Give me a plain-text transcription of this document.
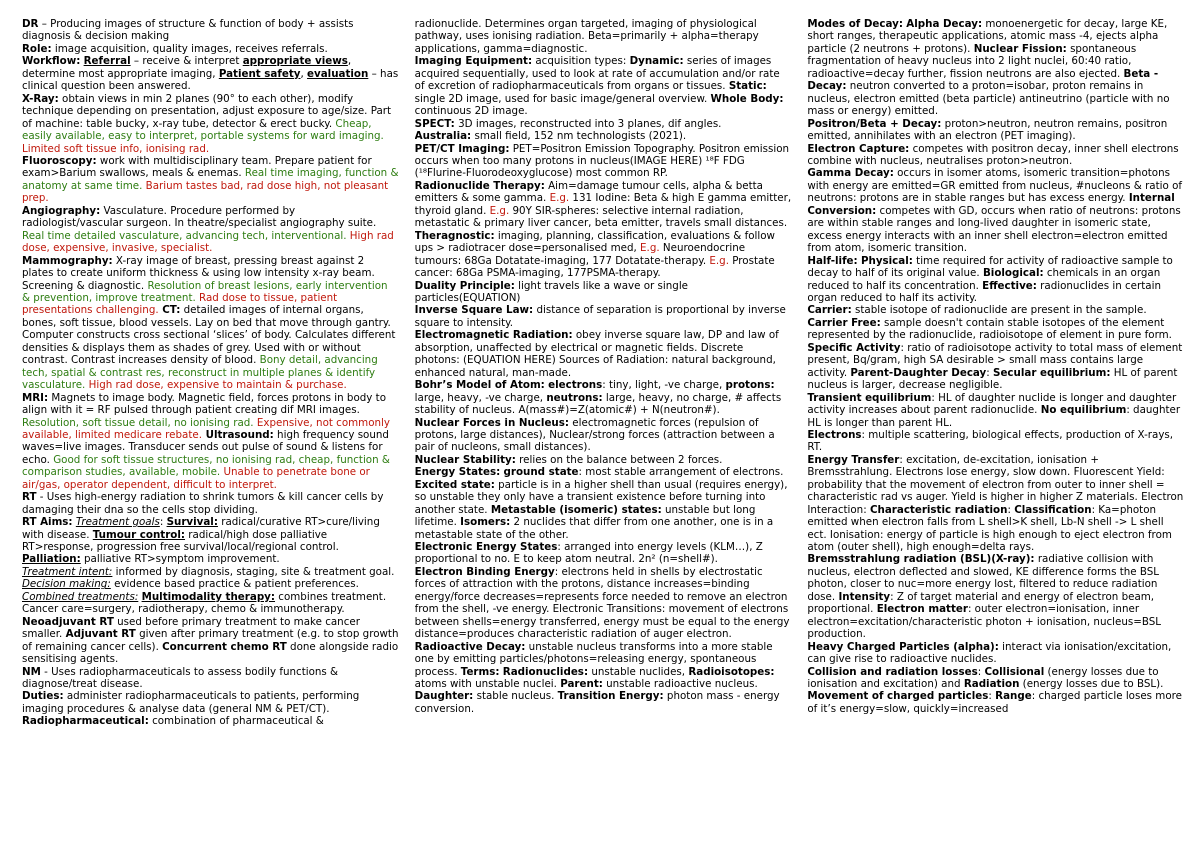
DR – Producing images of structure & function of body + assists diagnosis & decision making

Role: image acquisition, quality images, receives referrals.

Workflow: Referral – receive & interpret appropriate views, determine most appropriate imaging, Patient safety, evaluation – has clinical question been answered.

X-Ray: obtain views in min 2 planes (90° to each other), modify technique depending on presentation, adjust exposure to age/size. Part of machine: table bucky, x-ray tube, detector & erect bucky. Cheap, easily available, easy to interpret, portable systems for ward imaging. Limited soft tissue info, ionising rad.

Fluoroscopy: work with multidisciplinary team. Prepare patient for exam>Barium swallows, meals & enemas. Real time imaging, function & anatomy at same time. Barium tastes bad, rad dose high, not pleasant prep.

Angiography: Vasculature. Procedure performed by radiologist/vascular surgeon. In theatre/specialist angiography suite. Real time detailed vasculature, advancing tech, interventional. High rad dose, expensive, invasive, specialist.

Mammography: X-ray image of breast, pressing breast against 2 plates to create uniform thickness & using low intensity x-ray beam. Screening & diagnostic. Resolution of breast lesions, early intervention & prevention, improve treatment. Rad dose to tissue, patient presentations challenging. CT: detailed images of internal organs, bones, soft tissue, blood vessels. Lay on bed that move through gantry. Computer constructs cross sectional ‘slices’ of body. Calculates different densities & displays them as shades of grey. Used with or without contrast. Contrast increases density of blood. Bony detail, advancing tech, spatial & contrast res, reconstruct in multiple planes & identify vasculature. High rad dose, expensive to maintain & purchase.

MRI: Magnets to image body. Magnetic field, forces protons in body to align with it = RF pulsed through patient creating dif MRI images. Resolution, soft tissue detail, no ionising rad. Expensive, not commonly available, limited medicare rebate. Ultrasound: high frequency sound waves=live images. Transducer sends out pulse of sound & listens for echo. Good for soft tissue structures, no ionising rad, cheap, function & comparison studies, available, mobile. Unable to penetrate bone or air/gas, operator dependent, difficult to interpret.

RT - Uses high-energy radiation to shrink tumors & kill cancer cells by damaging their dna so the cells stop dividing.

RT Aims: Treatment goals: Survival: radical/curative RT>cure/living with disease. Tumour control: radical/high dose palliative RT>response, progression free survival/local/regional control. Palliation: palliative RT>symptom improvement.

Treatment intent: informed by diagnosis, staging, site & treatment goal. Decision making: evidence based practice & patient preferences. Combined treatments: Multimodality therapy: combines treatment. Cancer care=surgery, radiotherapy, chemo & immunotherapy. Neoadjuvant RT used before primary treatment to make cancer smaller. Adjuvant RT given after primary treatment (e.g. to stop growth of remaining cancer cells). Concurrent chemo RT done alongside radio sensitising agents.

NM - Uses radiopharmaceuticals to assess bodily functions & diagnose/treat disease.

Duties: administer radiopharmaceuticals to patients, performing imaging procedures & analyse data (general NM & PET/CT).

Radiopharmaceutical: combination of pharmaceutical &

radionuclide. Determines organ targeted, imaging of physiological pathway, uses ionising radiation. Beta=primarily + alpha=therapy applications, gamma=diagnostic.

Imaging Equipment: acquisition types: Dynamic: series of images acquired sequentially, used to look at rate of accumulation and/or rate of excretion of radiopharmaceuticals from organs or tissues. Static: single 2D image, used for basic image/general overview. Whole Body: continuous 2D image.

SPECT: 3D images, reconstructed into 3 planes, dif angles.

Australia: small field, 152 nm technologists (2021).

PET/CT Imaging: PET=Positron Emission Topography. Positron emission occurs when too many protons in nucleus(IMAGE HERE) ¹⁸F FDG (¹⁸Flurine-Fluorodeoxyglucose) most common RP.

Radionuclide Therapy: Aim=damage tumour cells, alpha & betta emitters & some gamma. E.g. 131 Iodine: Beta & high E gamma emitter, thyroid gland. E.g. 90Y SIR-spheres: selective internal radiation, metastatic & primary liver cancer, beta emitter, travels small distances. Theragnostic: imaging, planning, classification, evaluations & follow ups > radiotracer dose=personalised med, E.g. Neuroendocrine tumours: 68Ga Dotatate-imaging, 177 Dotatate-therapy. E.g. Prostate cancer: 68Ga PSMA-imaging, 177PSMA-therapy.

Duality Principle: light travels like a wave or single particles(EQUATION)

Inverse Square Law: distance of separation is proportional by inverse square to intensity.

Electromagnetic Radiation: obey inverse square law, DP and law of absorption, unaffected by electrical or magnetic fields. Discrete photons: (EQUATION HERE) Sources of Radiation: natural background, enhanced natural, man-made.

Bohr’s Model of Atom: electrons: tiny, light, -ve charge, protons: large, heavy, -ve charge, neutrons: large, heavy, no charge, # affects stability of nucleus. A(mass#)=Z(atomic#) + N(neutron#).

Nuclear Forces in Nucleus: electromagnetic forces (repulsion of protons, large distances), Nuclear/strong forces (attraction between a pair of nucleons, small distances).

Nuclear Stability: relies on the balance between 2 forces.

Energy States: ground state: most stable arrangement of electrons. Excited state: particle is in a higher shell than usual (requires energy), so unstable they only have a transient existence before turning into another state. Metastable (isomeric) states: unstable but long lifetime. Isomers: 2 nuclides that differ from one another, one is in a metastable state of the other.

Electronic Energy States: arranged into energy levels (KLM…), Z proportional to no. E to keep atom neutral. 2n² (n=shell#).

Electron Binding Energy: electrons held in shells by electrostatic forces of attraction with the protons, distance increases=binding energy/force decreases=represents force needed to remove an electron from the shell, -ve energy. Electronic Transitions: movement of electrons between shells=energy transferred, energy must be equal to the energy distance=produces characteristic radiation of auger electron.

Radioactive Decay: unstable nucleus transforms into a more stable one by emitting particles/photons=releasing energy, spontaneous process. Terms: Radionuclides: unstable nuclides, Radioisotopes: atoms with unstable nuclei. Parent: unstable radioactive nucleus. Daughter: stable nucleus. Transition Energy: photon mass - energy conversion.

Modes of Decay: Alpha Decay: monoenergetic for decay, large KE, short ranges, therapeutic applications, atomic mass -4, ejects alpha particle (2 neutrons + protons). Nuclear Fission: spontaneous fragmentation of heavy nucleus into 2 light nuclei, 60:40 ratio, radioactive=decay further, fission neutrons are also ejected. Beta - Decay: neutron converted to a proton=isobar, proton remains in nucleus, electron emitted (beta particle) antineutrino (particle with no mass or energy) emitted.

Positron/Beta + Decay: proton>neutron, neutron remains, positron emitted, annihilates with an electron (PET imaging).

Electron Capture: competes with positron decay, inner shell electrons combine with nucleus, neutralises proton>neutron.

Gamma Decay: occurs in isomer atoms, isomeric transition=photons with energy are emitted=GR emitted from nucleus, #nucleons & ratio of neutrons: protons are in stable ranges but has excess energy. Internal Conversion: competes with GD, occurs when ratio of neutrons: protons are within stable ranges and long-lived daughter in isomeric state, excess energy interacts with an inner shell electron=electron emitted from atom, isomeric transition.

Half-life: Physical: time required for activity of radioactive sample to decay to half of its original value. Biological: chemicals in an organ reduced to half its concentration. Effective: radionuclides in certain organ reduced to half its activity.

Carrier: stable isotope of radionuclide are present in the sample.

Carrier Free: sample doesn't contain stable isotopes of the element represented by the radionuclide, radioisotope of element in pure form.

Specific Activity: ratio of radioisotope activity to total mass of element present, Bq/gram, high SA desirable > small mass contains large activity. Parent-Daughter Decay: Secular equilibrium: HL of parent nucleus is larger, decrease negligible.

Transient equilibrium: HL of daughter nuclide is longer and daughter activity increases about parent radionuclide. No equilibrium: daughter HL is longer than parent HL.

Electrons: multiple scattering, biological effects, production of X-rays, RT.

Energy Transfer: excitation, de-excitation, ionisation + Bremsstrahlung. Electrons lose energy, slow down. Fluorescent Yield: probability that the movement of electron from outer to inner shell = characteristic rad vs auger. Yield is higher in higher Z materials. Electron Interaction: Characteristic radiation: Classification: Ka=photon emitted when electron falls from L shell>K shell, Lb-N shell -> L shell ect. Ionisation: energy of particle is high enough to eject electron from atom (outer shell), high enough=delta rays.

Bremsstrahlung radiation (BSL)(X-ray): radiative collision with nucleus, electron deflected and slowed, KE difference forms the BSL photon, closer to nuc=more energy lost, filtered to reduce radiation dose. Intensity: Z of target material and energy of electron beam, proportional. Electron matter: outer electron=ionisation, inner electron=excitation/characteristic photon + ionisation, nucleus=BSL production.

Heavy Charged Particles (alpha): interact via ionisation/excitation, can give rise to radioactive nuclides.

Collision and radiation losses: Collisional (energy losses due to ionisation and excitation) and Radiation (energy losses due to BSL). Movement of charged particles: Range: charged particle loses more of it’s energy=slow, quickly=increased
